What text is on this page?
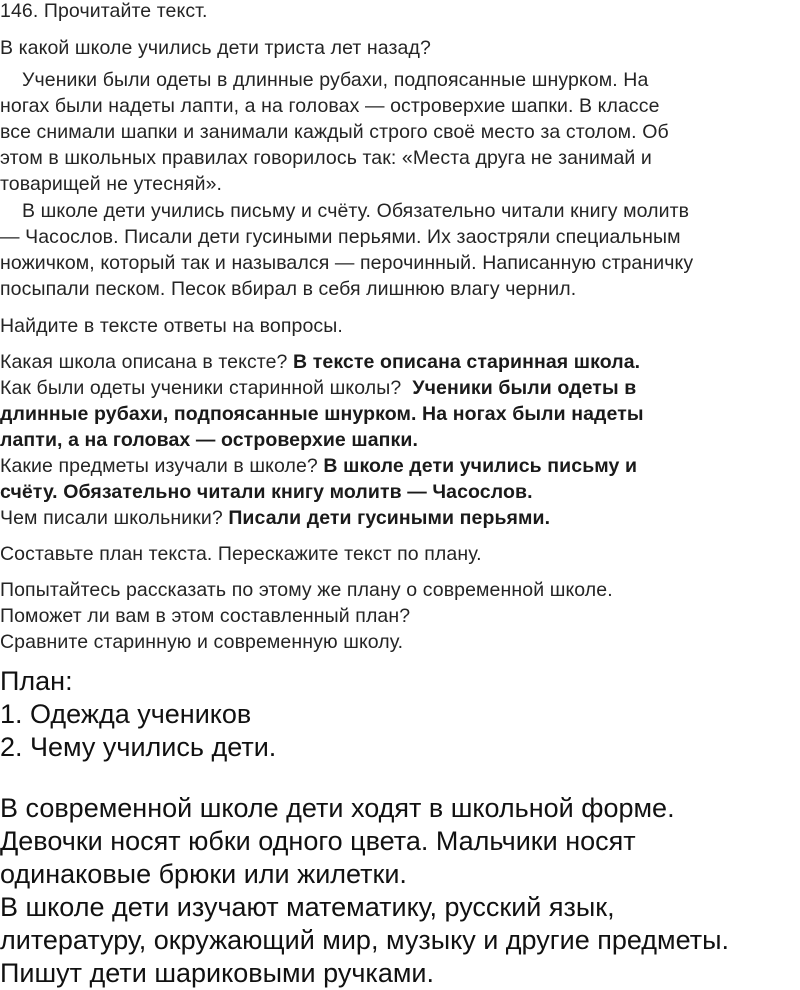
146. Прочитайте текст.
В какой школе учились дети триста лет назад?
Ученики были одеты в длинные рубахи, подпоясанные шнурком. На
ногах были надеты лапти, а на головах — островерхие шапки. В классе
все снимали шапки и занимали каждый строго своё место за столом. Об
этом в школьных правилах говорилось так: «Места друга не занимай и
товарищей не утесняй».
В школе дети учились письму и счёту. Обязательно читали книгу молитв
— Часослов. Писали дети гусиными перьями. Их заостряли специальным
ножичком, который так и назывался — перочинный. Написанную страничку
посыпали песком. Песок вбирал в себя лишнюю влагу чернил.
Найдите в тексте ответы на вопросы.
Какая школа описана в тексте? В тексте описана старинная школа.
Как были одеты ученики старинной школы? Ученики были одеты в
длинные рубахи, подпоясанные шнурком. На ногах были надеты
лапти, а на головах — островерхие шапки.
Какие предметы изучали в школе? В школе дети учились письму и
счёту. Обязательно читали книгу молитв — Часослов.
Чем писали школьники? Писали дети гусиными перьями.
Составьте план текста. Перескажите текст по плану.
Попытайтесь рассказать по этому же плану о современной школе.
Поможет ли вам в этом составленный план?
Сравните старинную и современную школу.
План:
1. Одежда учеников
2. Чему учились дети.
В современной школе дети ходят в школьной форме.
Девочки носят юбки одного цвета. Мальчики носят
одинаковые брюки или жилетки.
В школе дети изучают математику, русский язык,
литературу, окружающий мир, музыку и другие предметы.
Пишут дети шариковыми ручками.
